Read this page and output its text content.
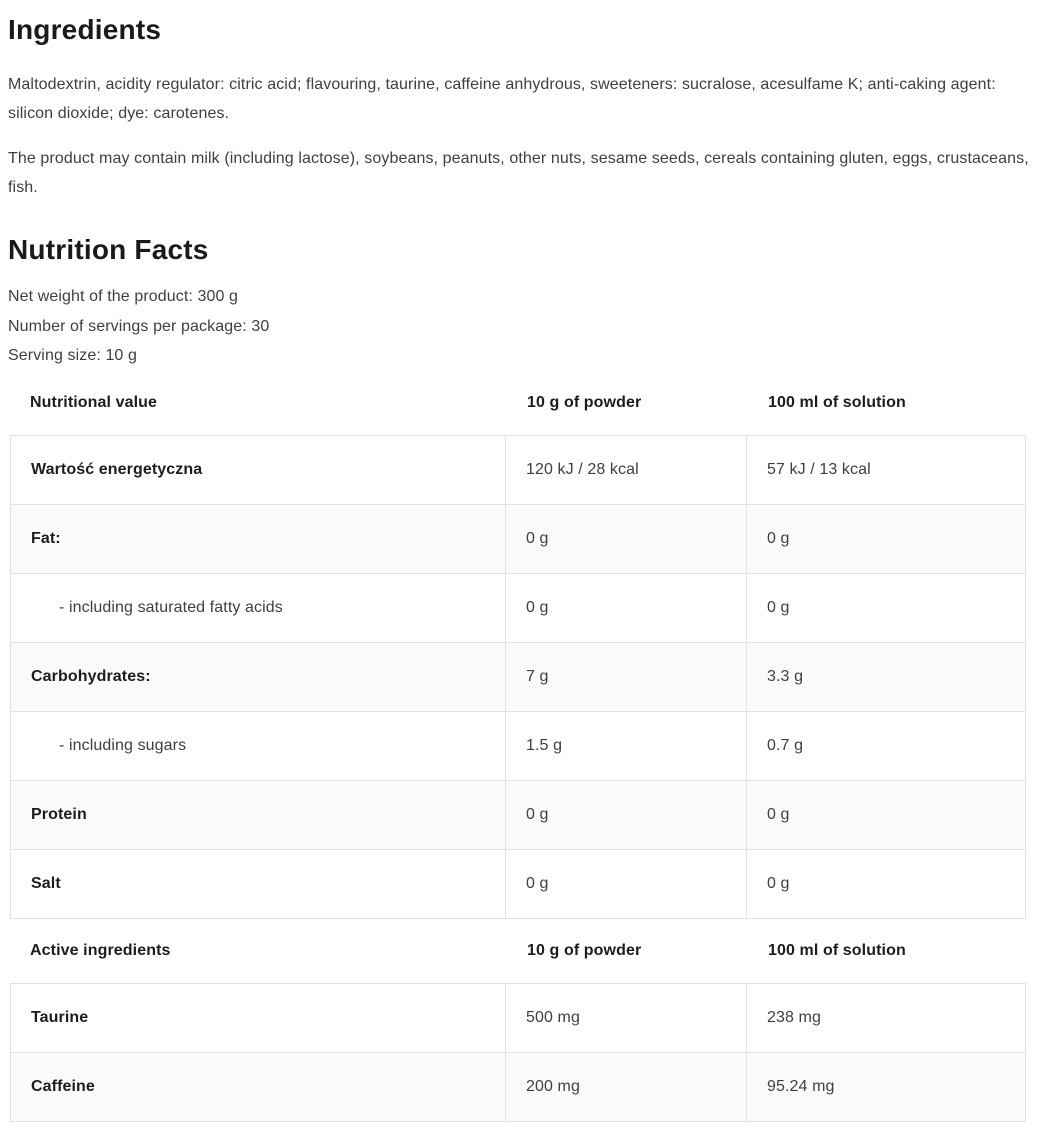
Ingredients

Maltodextrin, acidity regulator: citric acid; flavouring, taurine, caffeine anhydrous, sweeteners: sucralose, acesulfame K; anti-caking agent: silicon dioxide; dye: carotenes.

The product may contain milk (including lactose), soybeans, peanuts, other nuts, sesame seeds, cereals containing gluten, eggs, crustaceans, fish.

Nutrition Facts

Net weight of the product: 300 g

Number of servings per package: 30

Serving size: 10 g

Nutritional value	10 g of powder	100 ml of solution
Wartość energetyczna	120 kJ / 28 kcal	57 kJ / 13 kcal
Fat:	0 g	0 g
- including saturated fatty acids	0 g	0 g
Carbohydrates:	7 g	3.3 g
- including sugars	1.5 g	0.7 g
Protein	0 g	0 g
Salt	0 g	0 g
Active ingredients	10 g of powder	100 ml of solution
Taurine	500 mg	238 mg
Caffeine	200 mg	95.24 mg
